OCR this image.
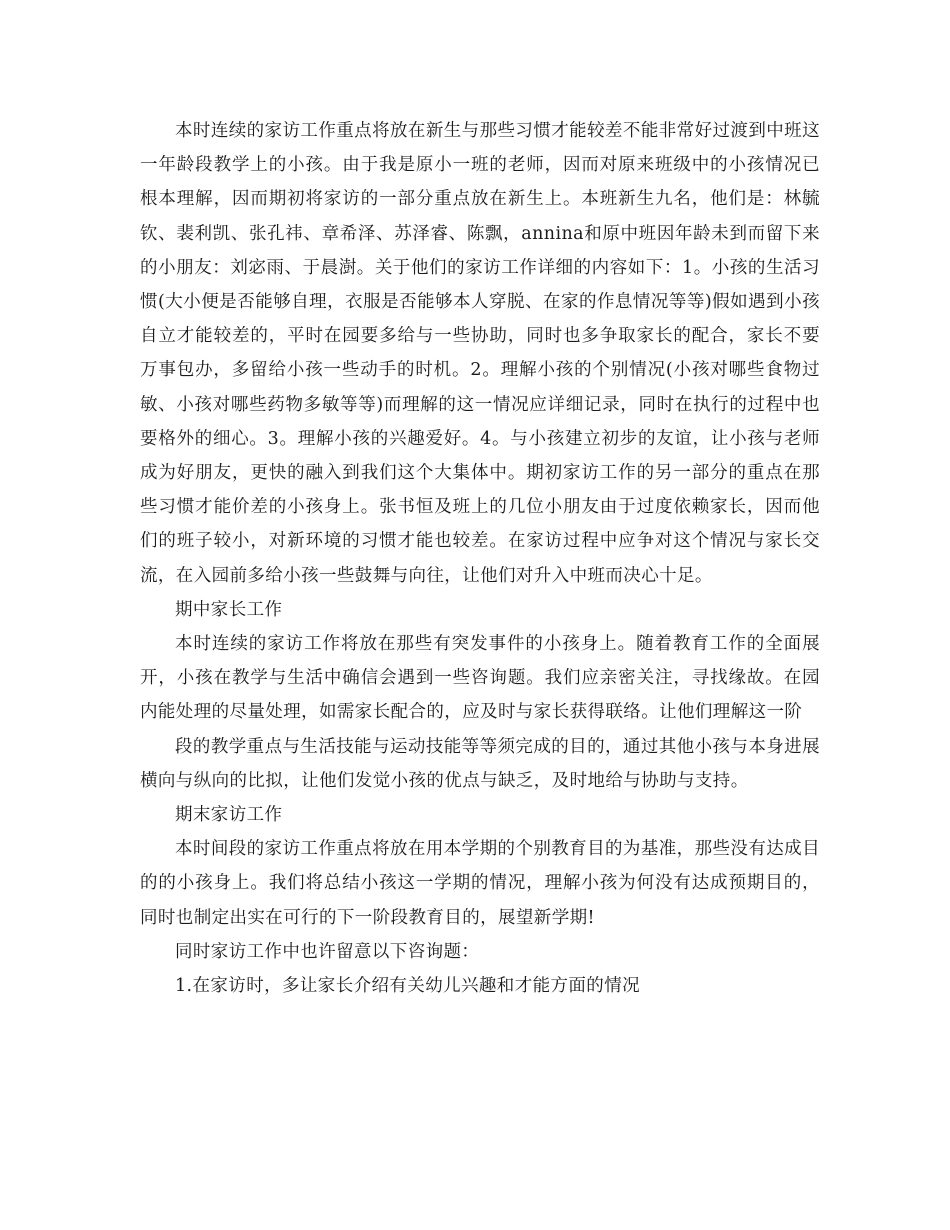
本时连续的家访工作重点将放在新生与那些习惯才能较差不能非常好过渡到中班这一年龄段教学上的小孩。由于我是原小一班的老师，因而对原来班级中的小孩情况已根本理解，因而期初将家访的一部分重点放在新生上。本班新生九名，他们是：林毓钦、裴利凯、张孔祎、章希泽、苏泽睿、陈飘，annina和原中班因年龄未到而留下来的小朋友：刘宓雨、于晨澍。关于他们的家访工作详细的内容如下：1。小孩的生活习惯(大小便是否能够自理，衣服是否能够本人穿脱、在家的作息情况等等)假如遇到小孩自立才能较差的，平时在园要多给与一些协助，同时也多争取家长的配合，家长不要万事包办，多留给小孩一些动手的时机。2。理解小孩的个别情况(小孩对哪些食物过敏、小孩对哪些药物多敏等等)而理解的这一情况应详细记录，同时在执行的过程中也要格外的细心。3。理解小孩的兴趣爱好。4。与小孩建立初步的友谊，让小孩与老师成为好朋友，更快的融入到我们这个大集体中。期初家访工作的另一部分的重点在那些习惯才能价差的小孩身上。张书恒及班上的几位小朋友由于过度依赖家长，因而他们的班子较小，对新环境的习惯才能也较差。在家访过程中应争对这个情况与家长交流，在入园前多给小孩一些鼓舞与向往，让他们对升入中班而决心十足。

期中家长工作

本时连续的家访工作将放在那些有突发事件的小孩身上。随着教育工作的全面展开，小孩在教学与生活中确信会遇到一些咨询题。我们应亲密关注，寻找缘故。在园内能处理的尽量处理，如需家长配合的，应及时与家长获得联络。让他们理解这一阶

段的教学重点与生活技能与运动技能等等须完成的目的，通过其他小孩与本身进展横向与纵向的比拟，让他们发觉小孩的优点与缺乏，及时地给与协助与支持。

期末家访工作

本时间段的家访工作重点将放在用本学期的个别教育目的为基准，那些没有达成目的的小孩身上。我们将总结小孩这一学期的情况，理解小孩为何没有达成预期目的，同时也制定出实在可行的下一阶段教育目的，展望新学期!

同时家访工作中也许留意以下咨询题：

1.在家访时，多让家长介绍有关幼儿兴趣和才能方面的情况
